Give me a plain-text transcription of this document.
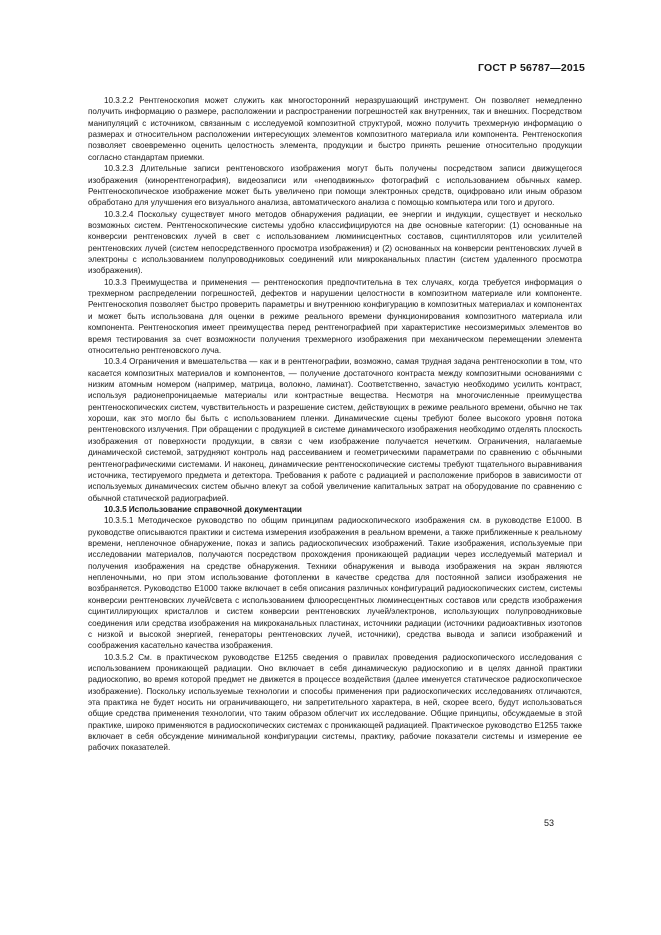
ГОСТ Р 56787—2015

10.3.2.2 Рентгеноскопия может служить как многосторонний неразрушающий инструмент. Он позволяет немедленно получить информацию о размере, расположении и распространении погрешностей как внутренних, так и внешних. Посредством манипуляций с источником, связанным с исследуемой композитной структурой, можно получить трехмерную информацию о размерах и относительном расположении интересующих элементов композитного материала или компонента. Рентгеноскопия позволяет своевременно оценить целостность элемента, продукции и быстро принять решение относительно продукции согласно стандартам приемки.

10.3.2.3 Длительные записи рентгеновского изображения могут быть получены посредством записи движущегося изображения (кинорентгенография), видеозаписи или «неподвижных» фотографий с использованием обычных камер. Рентгеноскопическое изображение может быть увеличено при помощи электронных средств, оцифровано или иным образом обработано для улучшения его визуального анализа, автоматического анализа с помощью компьютера или того и другого.

10.3.2.4 Поскольку существует много методов обнаружения радиации, ее энергии и индукции, существует и несколько возможных систем. Рентгеноскопические системы удобно классифицируются на две основные категории: (1) основанные на конверсии рентгеновских лучей в свет с использованием люминисцентных составов, сцинтилляторов или усилителей рентгеновских лучей (систем непосредственного просмотра изображения) и (2) основанных на конверсии рентгеновских лучей в электроны с использованием полупроводниковых соединений или микроканальных пластин (систем удаленного просмотра изображения).

10.3.3 Преимущества и применения — рентгеноскопия предпочтительна в тех случаях, когда требуется информация о трехмерном распределении погрешностей, дефектов и нарушении целостности в композитном материале или компоненте. Рентгеноскопия позволяет быстро проверить параметры и внутреннюю конфигурацию в композитных материалах и компонентах и может быть использована для оценки в режиме реального времени функционирования композитного материала или компонента. Рентгеноскопия имеет преимущества перед рентгенографией при характеристике несоизмеримых элементов во время тестирования за счет возможности получения трехмерного изображения при механическом перемещении элемента относительно рентгеновского луча.

10.3.4 Ограничения и вмешательства — как и в рентгенографии, возможно, самая трудная задача рентгеноскопии в том, что касается композитных материалов и компонентов, — получение достаточного контраста между композитными основаниями с низким атомным номером (например, матрица, волокно, ламинат). Соответственно, зачастую необходимо усилить контраст, используя радионепроницаемые материалы или контрастные вещества. Несмотря на многочисленные преимущества рентгеноскопических систем, чувствительность и разрешение систем, действующих в режиме реального времени, обычно не так хороши, как это могло бы быть с использованием пленки. Динамические сцены требуют более высокого уровня потока рентгеновского излучения. При обращении с продукцией в системе динамического изображения необходимо отделять плоскость изображения от поверхности продукции, в связи с чем изображение получается нечетким. Ограничения, налагаемые динамической системой, затрудняют контроль над рассеиванием и геометрическими параметрами по сравнению с обычными рентгенографическими системами. И наконец, динамические рентгеноскопические системы требуют тщательного выравнивания источника, тестируемого предмета и детектора. Требования к работе с радиацией и расположение приборов в зависимости от используемых динамических систем обычно влекут за собой увеличение капитальных затрат на оборудование по сравнению с обычной статической радиографией.

10.3.5 Использование справочной документации

10.3.5.1 Методическое руководство по общим принципам радиоскопического изображения см. в руководстве E1000. В руководстве описываются практики и система измерения изображения в реальном времени, а также приближенные к реальному времени, непленочное обнаружение, показ и запись радиоскопических изображений. Такие изображения, используемые при исследовании материалов, получаются посредством прохождения проникающей радиации через исследуемый материал и получения изображения на средстве обнаружения. Техники обнаружения и вывода изображения на экран являются непленочными, но при этом использование фотопленки в качестве средства для постоянной записи изображения не возбраняется. Руководство E1000 также включает в себя описания различных конфигураций радиоскопических систем, системы конверсии рентгеновских лучей/света с использованием флюоресцентных люминесцентных составов или средств изображения сцинтиллирующих кристаллов и систем конверсии рентгеновских лучей/электронов, использующих полупроводниковые соединения или средства изображения на микроканальных пластинах, источники радиации (источники радиоактивных изотопов с низкой и высокой энергией, генераторы рентгеновских лучей, источники), средства вывода и записи изображений и соображения касательно качества изображения.

10.3.5.2 См. в практическом руководстве E1255 сведения о правилах проведения радиоскопического исследования с использованием проникающей радиации. Оно включает в себя динамическую радиоскопию и в целях данной практики радиоскопию, во время которой предмет не движется в процессе воздействия (далее именуется статическое радиоскопическое изображение). Поскольку используемые технологии и способы применения при радиоскопических исследованиях отличаются, эта практика не будет носить ни ограничивающего, ни запретительного характера, в ней, скорее всего, будут использоваться общие средства применения технологии, что таким образом облегчит их исследование. Общие принципы, обсуждаемые в этой практике, широко применяются в радиоскопических системах с проникающей радиацией. Практическое руководство E1255 также включает в себя обсуждение минимальной конфигурации системы, практику, рабочие показатели системы и измерение ее рабочих показателей.

53
